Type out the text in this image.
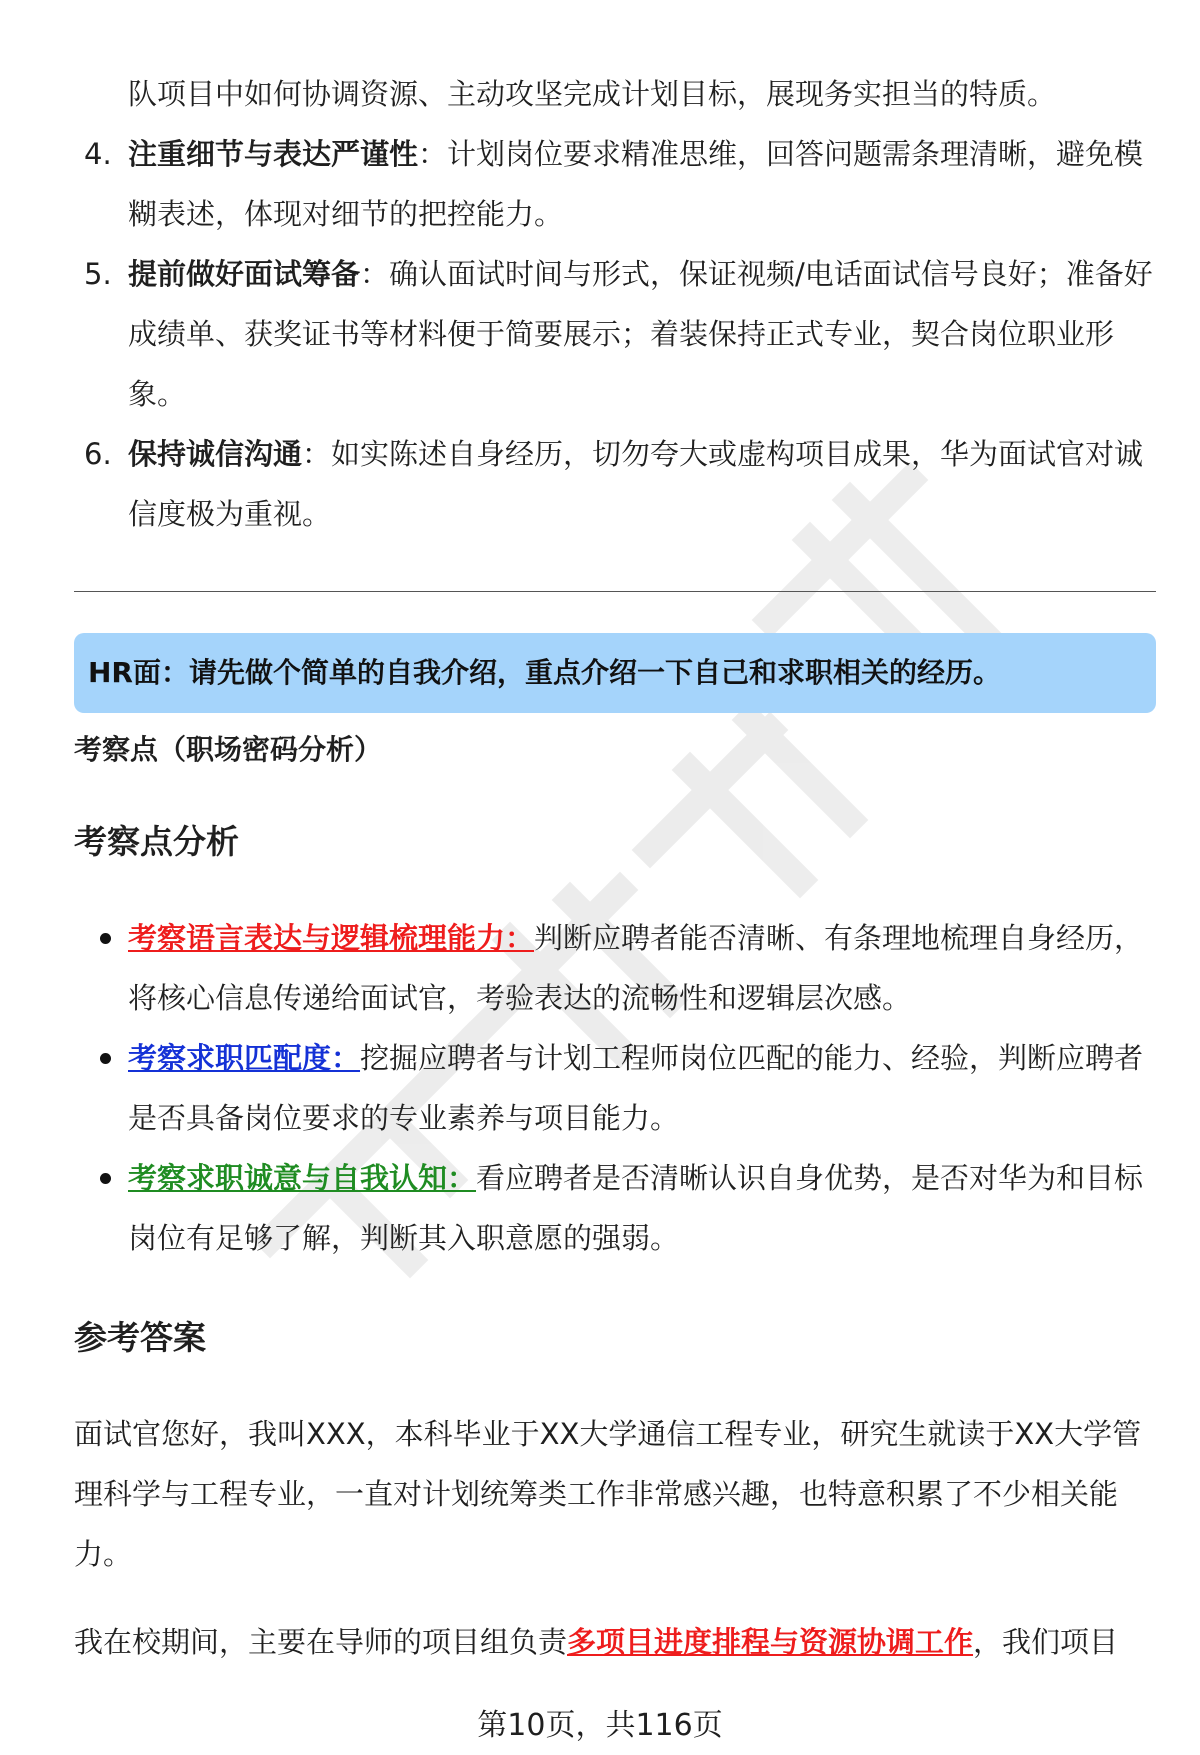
队项目中如何协调资源、主动攻坚完成计划目标，展现务实担当的特质。
4. 注重细节与表达严谨性：计划岗位要求精准思维，回答问题需条理清晰，避免模糊表述，体现对细节的把控能力。
5. 提前做好面试筹备：确认面试时间与形式，保证视频/电话面试信号良好；准备好成绩单、获奖证书等材料便于简要展示；着装保持正式专业，契合岗位职业形象。
6. 保持诚信沟通：如实陈述自身经历，切勿夸大或虚构项目成果，华为面试官对诚信度极为重视。
HR面：请先做个简单的自我介绍，重点介绍一下自己和求职相关的经历。
考察点（职场密码分析）
考察点分析
考察语言表达与逻辑梳理能力：判断应聘者能否清晰、有条理地梳理自身经历，将核心信息传递给面试官，考验表达的流畅性和逻辑层次感。
考察求职匹配度：挖掘应聘者与计划工程师岗位匹配的能力、经验，判断应聘者是否具备岗位要求的专业素养与项目能力。
考察求职诚意与自我认知：看应聘者是否清晰认识自身优势，是否对华为和目标岗位有足够了解，判断其入职意愿的强弱。
参考答案
面试官您好，我叫XXX，本科毕业于XX大学通信工程专业，研究生就读于XX大学管理科学与工程专业，一直对计划统筹类工作非常感兴趣，也特意积累了不少相关能力。
我在校期间，主要在导师的项目组负责多项目进度排程与资源协调工作，我们项目
第10页，共116页
